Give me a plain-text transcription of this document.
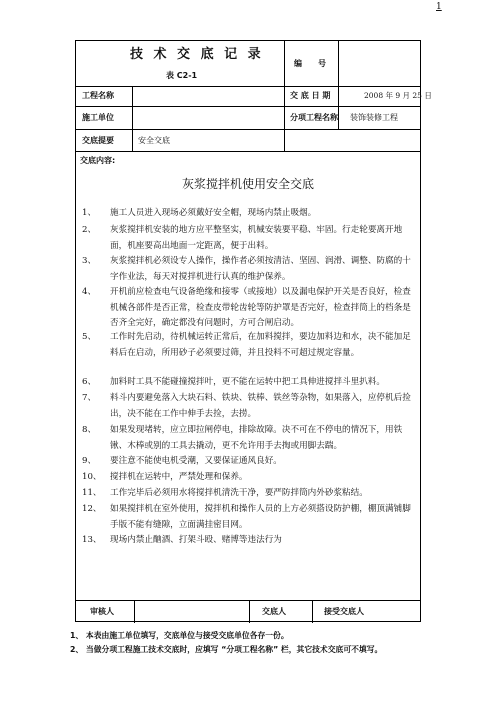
1
技 术 交 底 记 录
表 C2-1
编　　号
工程名称	交 底 日 期	2008 年 9 月 25 日
施工单位	分项工程名称 装饰装修工程
交底提要	安全交底
交底内容:
灰浆搅拌机使用安全交底
1、	施工人员进入现场必须戴好安全帽，现场内禁止吸烟。
2、	灰浆搅拌机安装的地方应平整坚实，机械安装要平稳、牢固。行走轮要离开地面，机座要高出地面一定距离，便于出料。
3、	灰浆搅拌机必须设专人操作，操作者必须按清洁、坚固、润滑、调整、防腐的十字作业法，每天对搅拌机进行认真的维护保养。
4、	开机前应检查电气设备绝缘和接零（或接地）以及漏电保护开关是否良好，检查机械各部件是否正常，检查皮带轮齿轮等防护罩是否完好，检查拌筒上的档条是否齐全完好，确定都没有问题时，方可合闸启动。
5、	工作时先启动，待机械运转正常后，在加料搅拌，要边加料边和水，决不能加足料后在启动，所用砂子必须要过筛，并且投料不可超过规定容量。
6、	加料时工具不能碰撞搅拌叶，更不能在运转中把工具伸进搅拌斗里扒料。
7、	料斗内要避免落入大块石料、铁块、铁棒、铁丝等杂物，如果落入，应停机后捡出，决不能在工作中伸手去捡，去捞。
8、	如果发现堵转，应立即拉闸停电，排除故障。决不可在不停电的情况下，用铁锹、木棒或别的工具去撬动，更不允许用手去掏或用脚去踹。
9、	要注意不能使电机受潮，又要保证通风良好。
10、 搅拌机在运转中，严禁处理和保养。
11、 工作完毕后必须用水将搅拌机清洗干净，要严防拌筒内外砂浆粘结。
12、 如果搅拌机在室外使用，搅拌机和操作人员的上方必须搭设防护棚，棚顶满铺脚手版不能有缝隙，立面满挂密目网。
13、 现场内禁止酗酒、打架斗殴、赌博等违法行为
审核人	交底人	接受交底人
1、 本表由施工单位填写，交底单位与接受交底单位各存一份。
2、 当做分项工程施工技术交底时，应填写 “分项工程名称” 栏，其它技术交底可不填写。
